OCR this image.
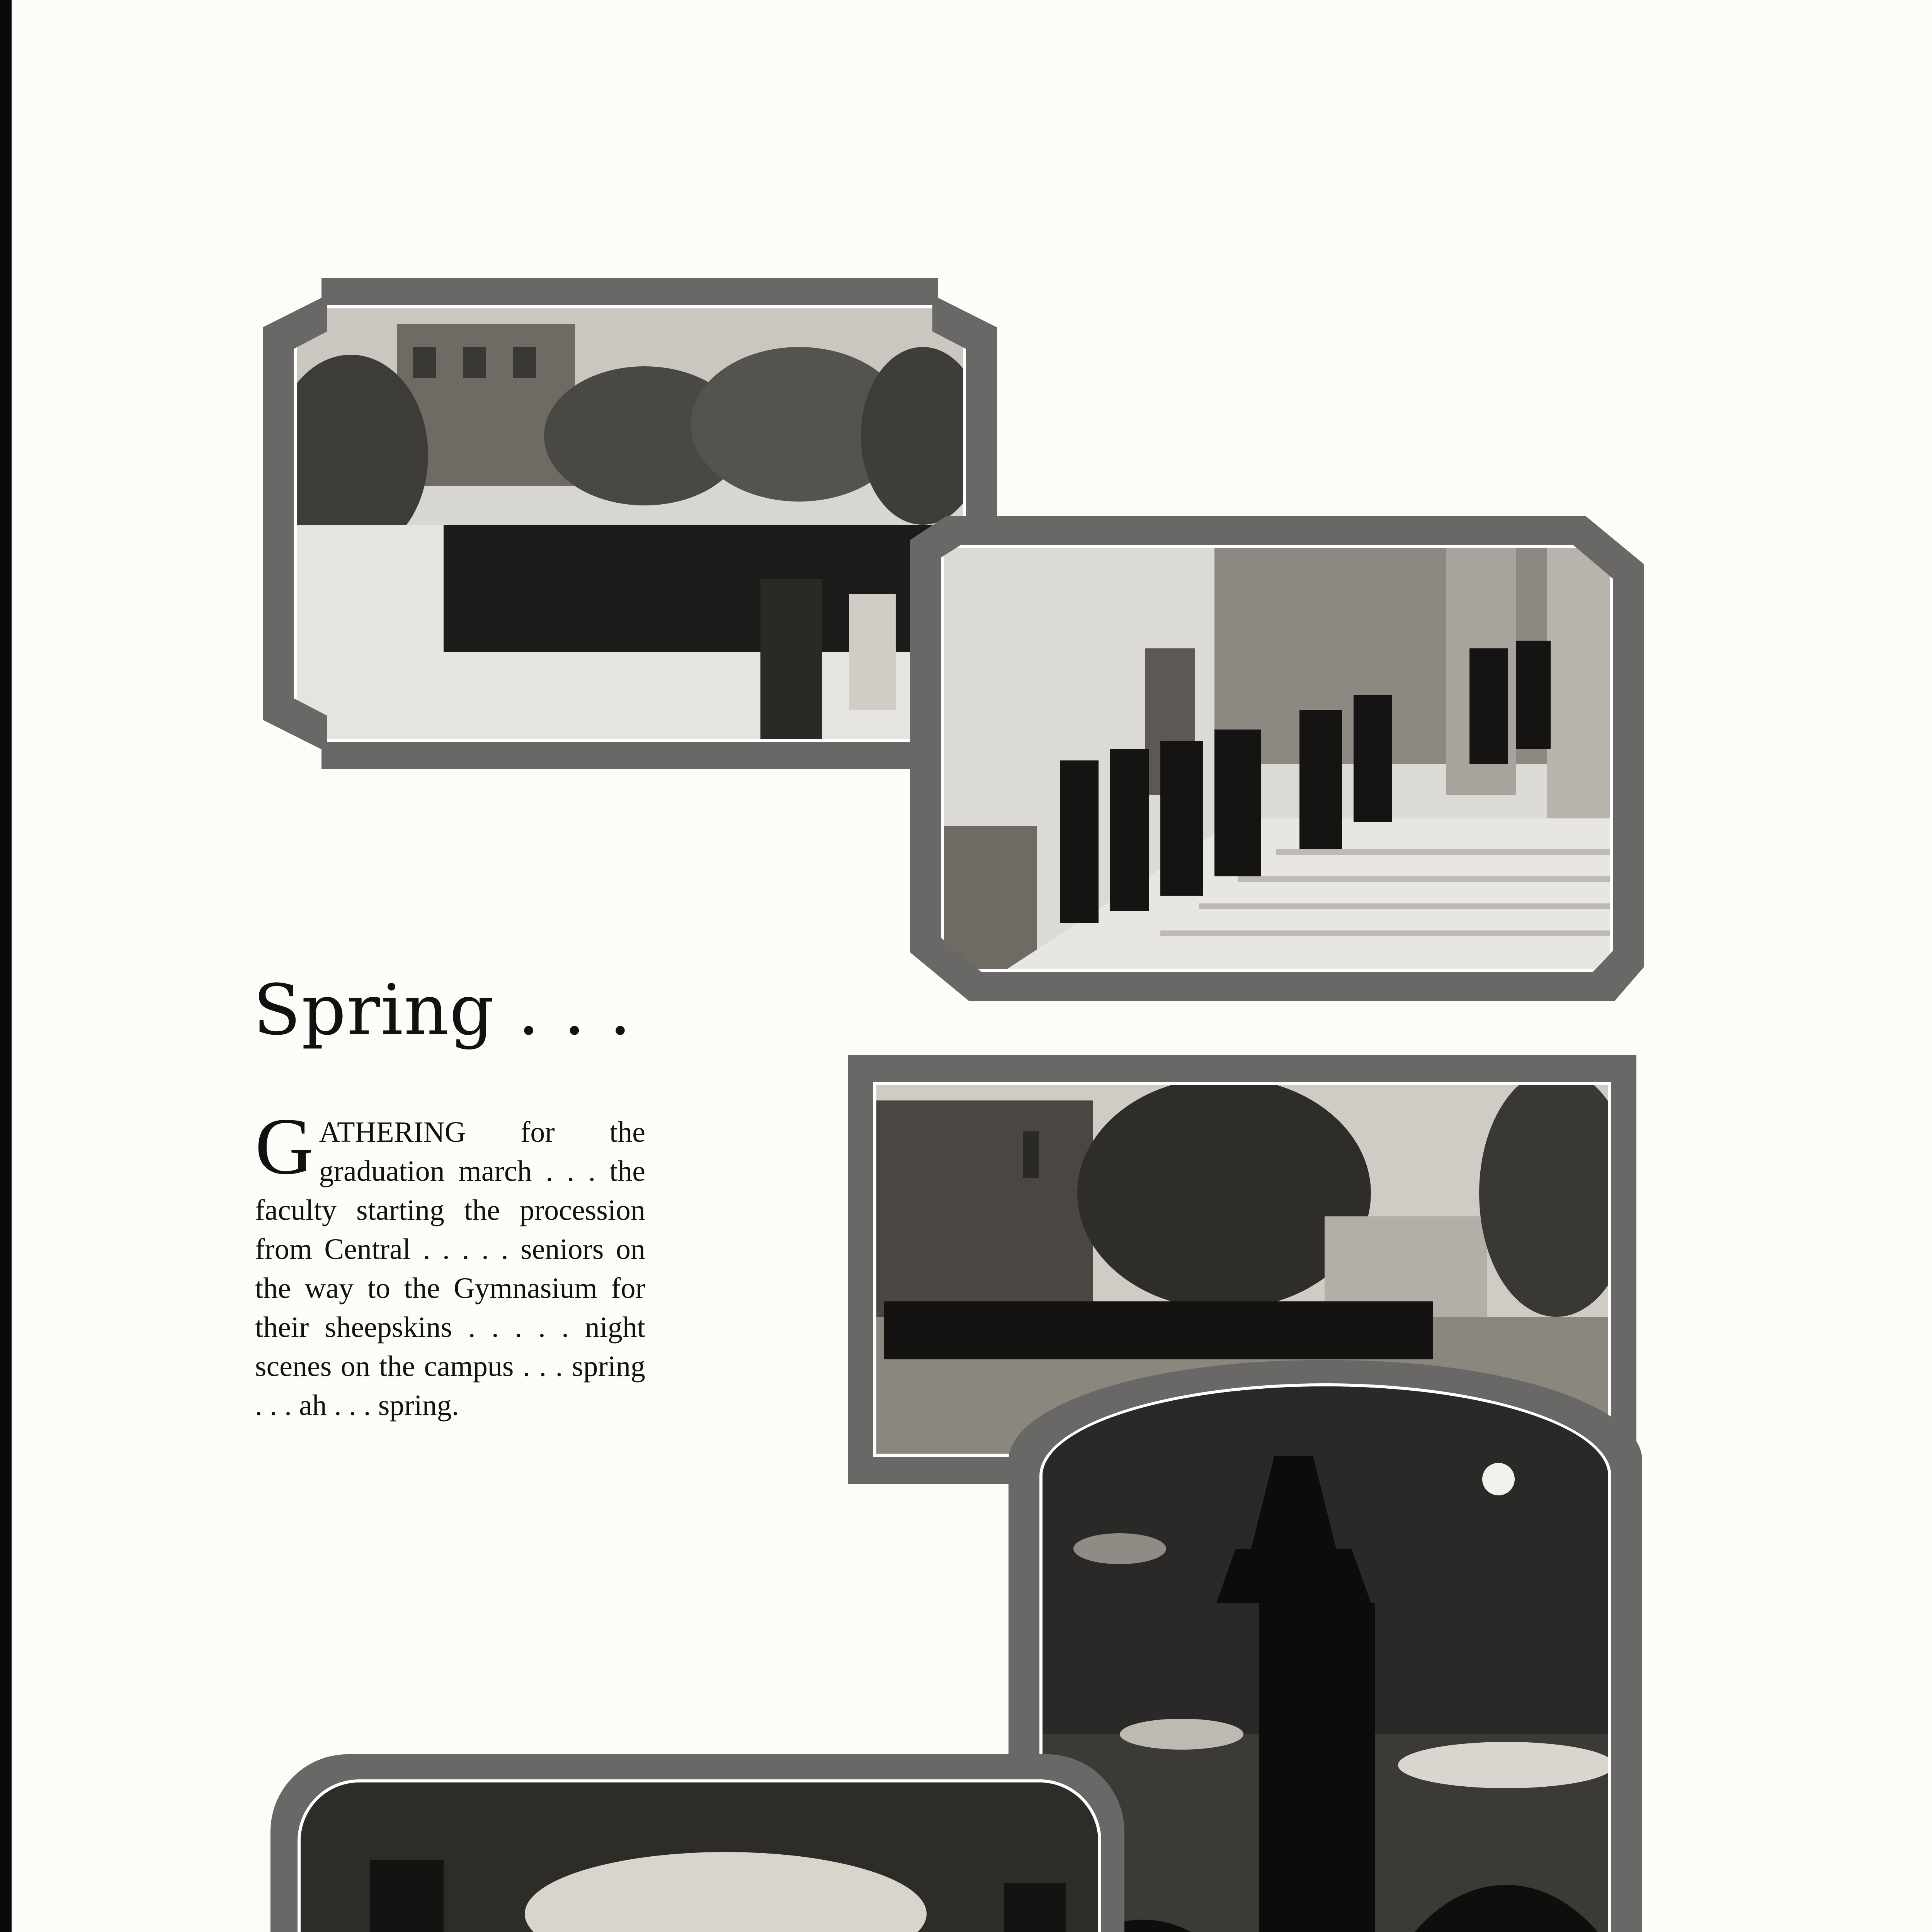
Spring . . .
GATHERING for the graduation march . . . the faculty starting the procession from Central . . . . . seniors on the way to the Gymnasium for their sheepskins . . . . . night scenes on the campus . . . spring . . . ah . . . spring.
